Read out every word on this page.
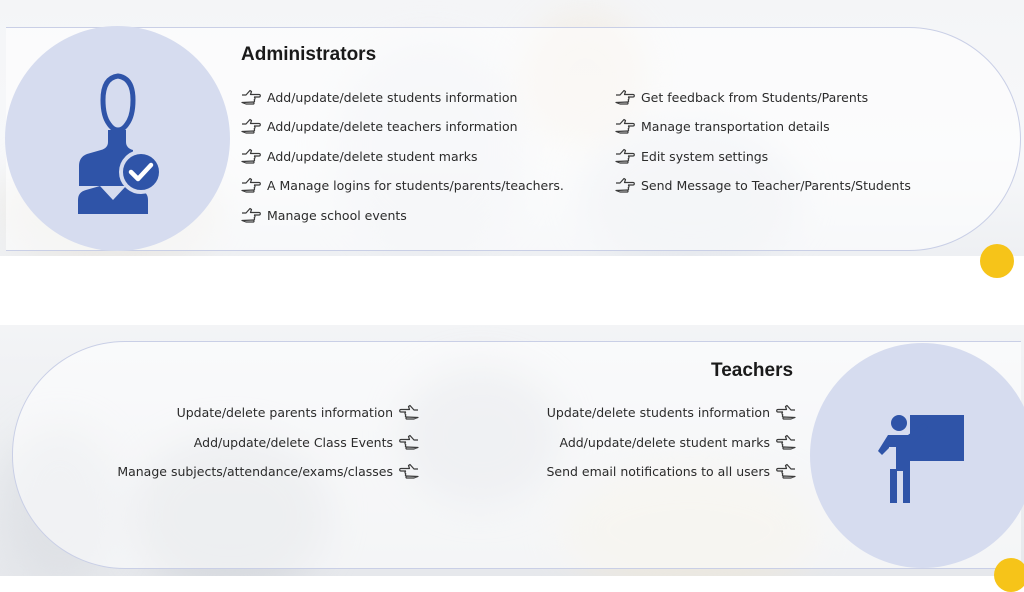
Administrators
Add/update/delete students information
Add/update/delete teachers information
Add/update/delete student marks
A Manage logins for students/parents/teachers.
Manage school events
Get feedback from Students/Parents
Manage transportation details
Edit system settings
Send Message to Teacher/Parents/Students
Teachers
Update/delete parents information
Add/update/delete Class Events
Manage subjects/attendance/exams/classes
Update/delete students information
Add/update/delete student marks
Send email notifications to all users
